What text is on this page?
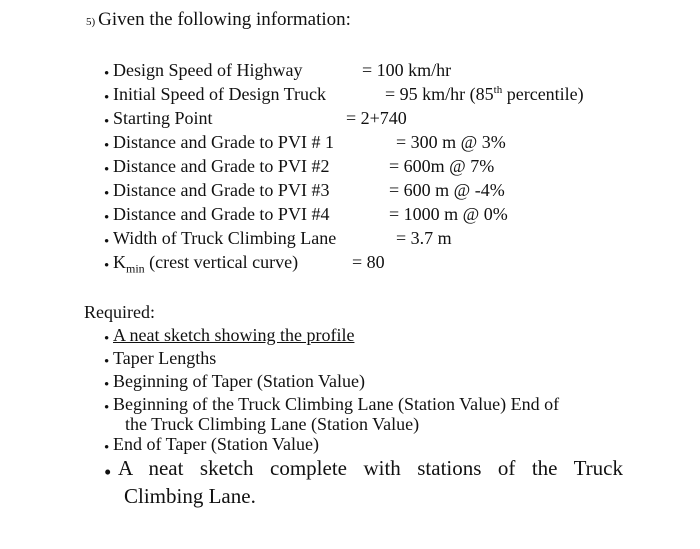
5) Given the following information:
• Design Speed of Highway	= 100 km/hr
• Initial Speed of Design Truck	= 95 km/hr (85th percentile)
• Starting Point	= 2+740
• Distance and Grade to PVI # 1	= 300 m @ 3%
• Distance and Grade to PVI #2	= 600m @ 7%
• Distance and Grade to PVI #3	= 600 m @ -4%
• Distance and Grade to PVI #4	= 1000 m @ 0%
• Width of Truck Climbing Lane	= 3.7 m
• $K_{min}$ (crest vertical curve)	= 80
Required:
• A neat sketch showing the profile
• Taper Lengths
• Beginning of Taper (Station Value)
• Beginning of the Truck Climbing Lane (Station Value) End of
the Truck Climbing Lane (Station Value)
• End of Taper (Station Value)
• A neat sketch complete with stations of the Truck
Climbing Lane.
